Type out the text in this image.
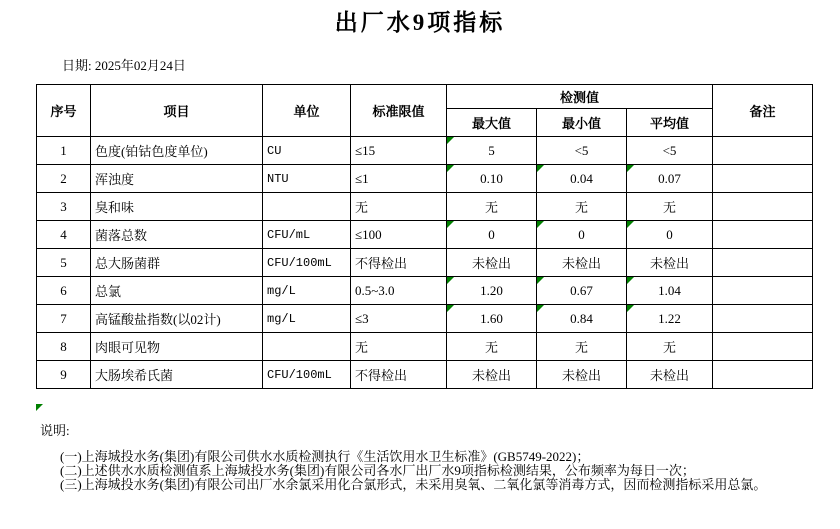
出厂水9项指标
日期: 2025年02月24日
序号	项目	单位	标准限值	检测值			备注
				最大值	最小值	平均值	
1	色度(铂钴色度单位)	CU	≤15	5	<5	<5	
2	浑浊度	NTU	≤1	0.10	0.04	0.07	
3	臭和味		无	无	无	无	
4	菌落总数	CFU/mL	≤100	0	0	0	
5	总大肠菌群	CFU/100mL	不得检出	未检出	未检出	未检出	
6	总氯	mg/L	0.5~3.0	1.20	0.67	1.04	
7	高锰酸盐指数(以02计)	mg/L	≤3	1.60	0.84	1.22	
8	肉眼可见物		无	无	无	无	
9	大肠埃希氏菌	CFU/100mL	不得检出	未检出	未检出	未检出	
说明:
(一)上海城投水务(集团)有限公司供水水质检测执行《生活饮用水卫生标准》(GB5749-2022)；
(二)上述供水水质检测值系上海城投水务(集团)有限公司各水厂出厂水9项指标检测结果，公布频率为每日一次；
(三)上海城投水务(集团)有限公司出厂水余氯采用化合氯形式，未采用臭氧、二氧化氯等消毒方式，因而检测指标采用总氯。
